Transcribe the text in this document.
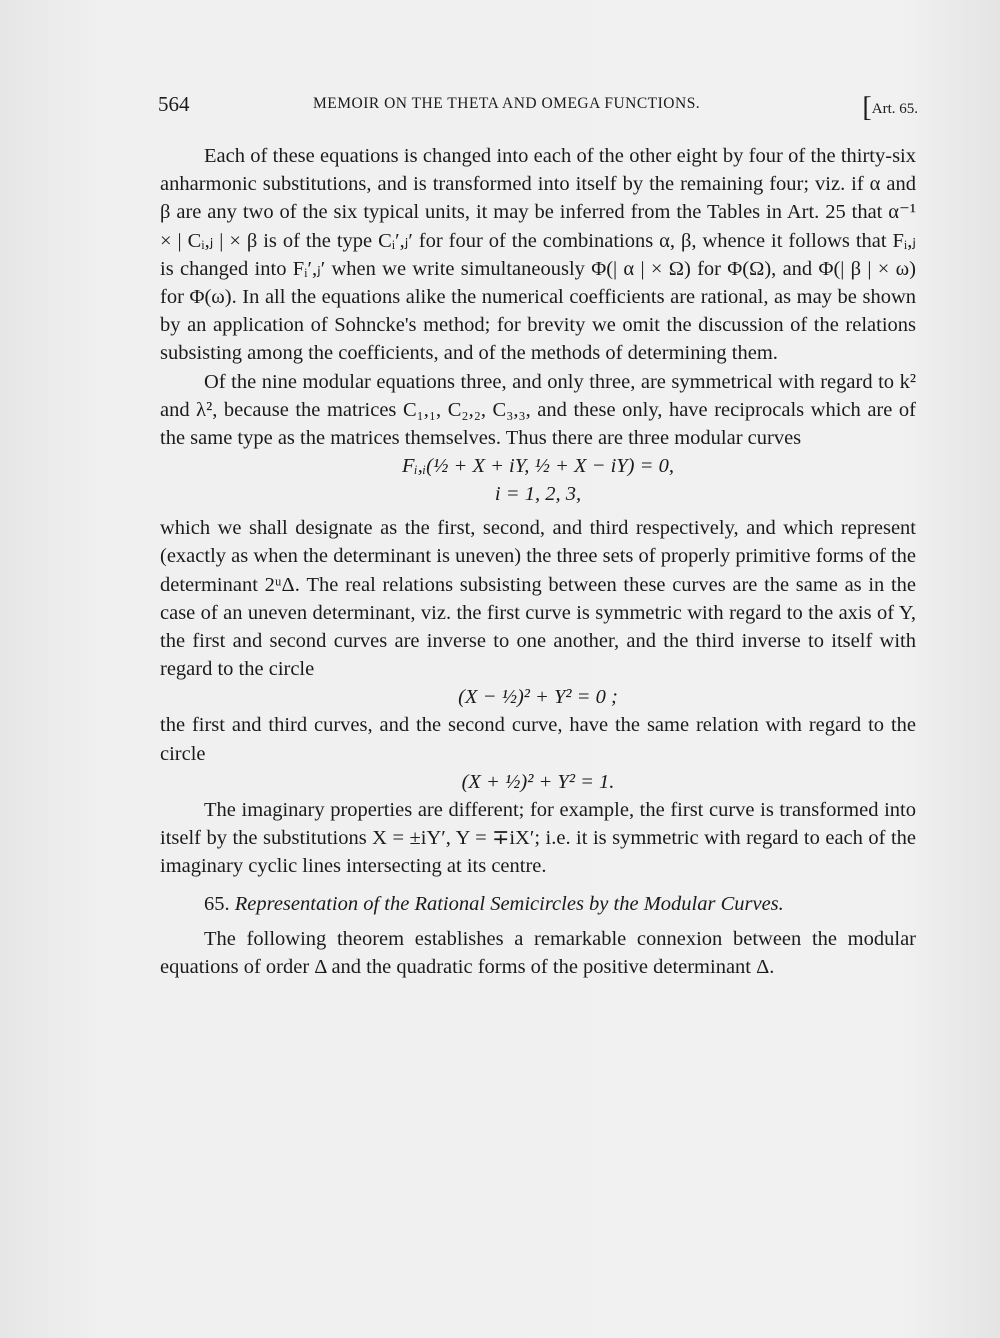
564	MEMOIR ON THE THETA AND OMEGA FUNCTIONS.	[Art. 65.

Each of these equations is changed into each of the other eight by four of the thirty-six anharmonic substitutions, and is transformed into itself by the remaining four; viz. if α and β are any two of the six typical units, it may be inferred from the Tables in Art. 25 that α⁻¹ × | Cᵢ,ⱼ | × β is of the type Cᵢ′,ⱼ′ for four of the combinations α, β, whence it follows that Fᵢ,ⱼ is changed into Fᵢ′,ⱼ′ when we write simultaneously Φ(| α | × Ω) for Φ(Ω), and Φ(| β | × ω) for Φ(ω). In all the equations alike the numerical coefficients are rational, as may be shown by an application of Sohncke's method; for brevity we omit the discussion of the relations subsisting among the coefficients, and of the methods of determining them.

Of the nine modular equations three, and only three, are symmetrical with regard to k² and λ², because the matrices C₁,₁, C₂,₂, C₃,₃, and these only, have reciprocals which are of the same type as the matrices themselves. Thus there are three modular curves

Fᵢ,ᵢ(½ + X + iY, ½ + X − iY) = 0,

i = 1, 2, 3,

which we shall designate as the first, second, and third respectively, and which represent (exactly as when the determinant is uneven) the three sets of properly primitive forms of the determinant 2ᵘΔ. The real relations subsisting between these curves are the same as in the case of an uneven determinant, viz. the first curve is symmetric with regard to the axis of Y, the first and second curves are inverse to one another, and the third inverse to itself with regard to the circle

(X − ½)² + Y² = 0 ;

the first and third curves, and the second curve, have the same relation with regard to the circle

(X + ½)² + Y² = 1.

The imaginary properties are different; for example, the first curve is transformed into itself by the substitutions X = ±iY′, Y = ∓iX′; i.e. it is symmetric with regard to each of the imaginary cyclic lines intersecting at its centre.

65. Representation of the Rational Semicircles by the Modular Curves.

The following theorem establishes a remarkable connexion between the modular equations of order Δ and the quadratic forms of the positive determinant Δ.
